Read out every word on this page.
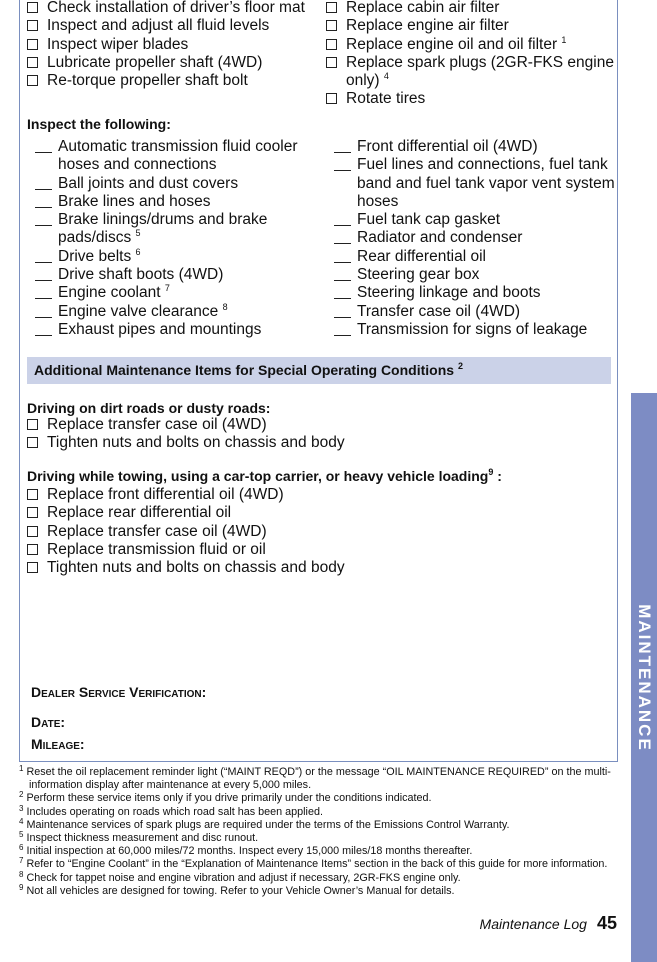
Check installation of driver’s floor mat
Inspect and adjust all fluid levels
Inspect wiper blades
Lubricate propeller shaft (4WD)
Re-torque propeller shaft bolt
Replace cabin air filter
Replace engine air filter
Replace engine oil and oil filter $^1$
Replace spark plugs (2GR-FKS engine
only) $^4$
Rotate tires
Inspect the following:
Automatic transmission fluid cooler
hoses and connections
Ball joints and dust covers
Brake lines and hoses
Brake linings/drums and brake
pads/discs $^5$
Drive belts $^6$
Drive shaft boots (4WD)
Engine coolant $^7$
Engine valve clearance $^8$
Exhaust pipes and mountings
Front differential oil (4WD)
Fuel lines and connections, fuel tank
band and fuel tank vapor vent system
hoses
Fuel tank cap gasket
Radiator and condenser
Rear differential oil
Steering gear box
Steering linkage and boots
Transfer case oil (4WD)
Transmission for signs of leakage
Additional Maintenance Items for Special Operating Conditions $^2$
Driving on dirt roads or dusty roads:
Replace transfer case oil (4WD)
Tighten nuts and bolts on chassis and body
Driving while towing, using a car-top carrier, or heavy vehicle loading$^9$ :
Replace front differential oil (4WD)
Replace rear differential oil
Replace transfer case oil (4WD)
Replace transmission fluid or oil
Tighten nuts and bolts on chassis and body
Dealer Service Verification:
Date:
Mileage:
$^1$ Reset the oil replacement reminder light (“MAINT REQD”) or the message “OIL MAINTENANCE REQUIRED” on the multi-information display after maintenance at every 5,000 miles.
$^2$ Perform these service items only if you drive primarily under the conditions indicated.
$^3$ Includes operating on roads which road salt has been applied.
$^4$ Maintenance services of spark plugs are required under the terms of the Emissions Control Warranty.
$^5$ Inspect thickness measurement and disc runout.
$^6$ Initial inspection at 60,000 miles/72 months. Inspect every 15,000 miles/18 months thereafter.
$^7$ Refer to “Engine Coolant” in the “Explanation of Maintenance Items” section in the back of this guide for more information.
$^8$ Check for tappet noise and engine vibration and adjust if necessary, 2GR-FKS engine only.
$^9$ Not all vehicles are designed for towing. Refer to your Vehicle Owner’s Manual for details.
Maintenance Log 45
MAINTENANCE
